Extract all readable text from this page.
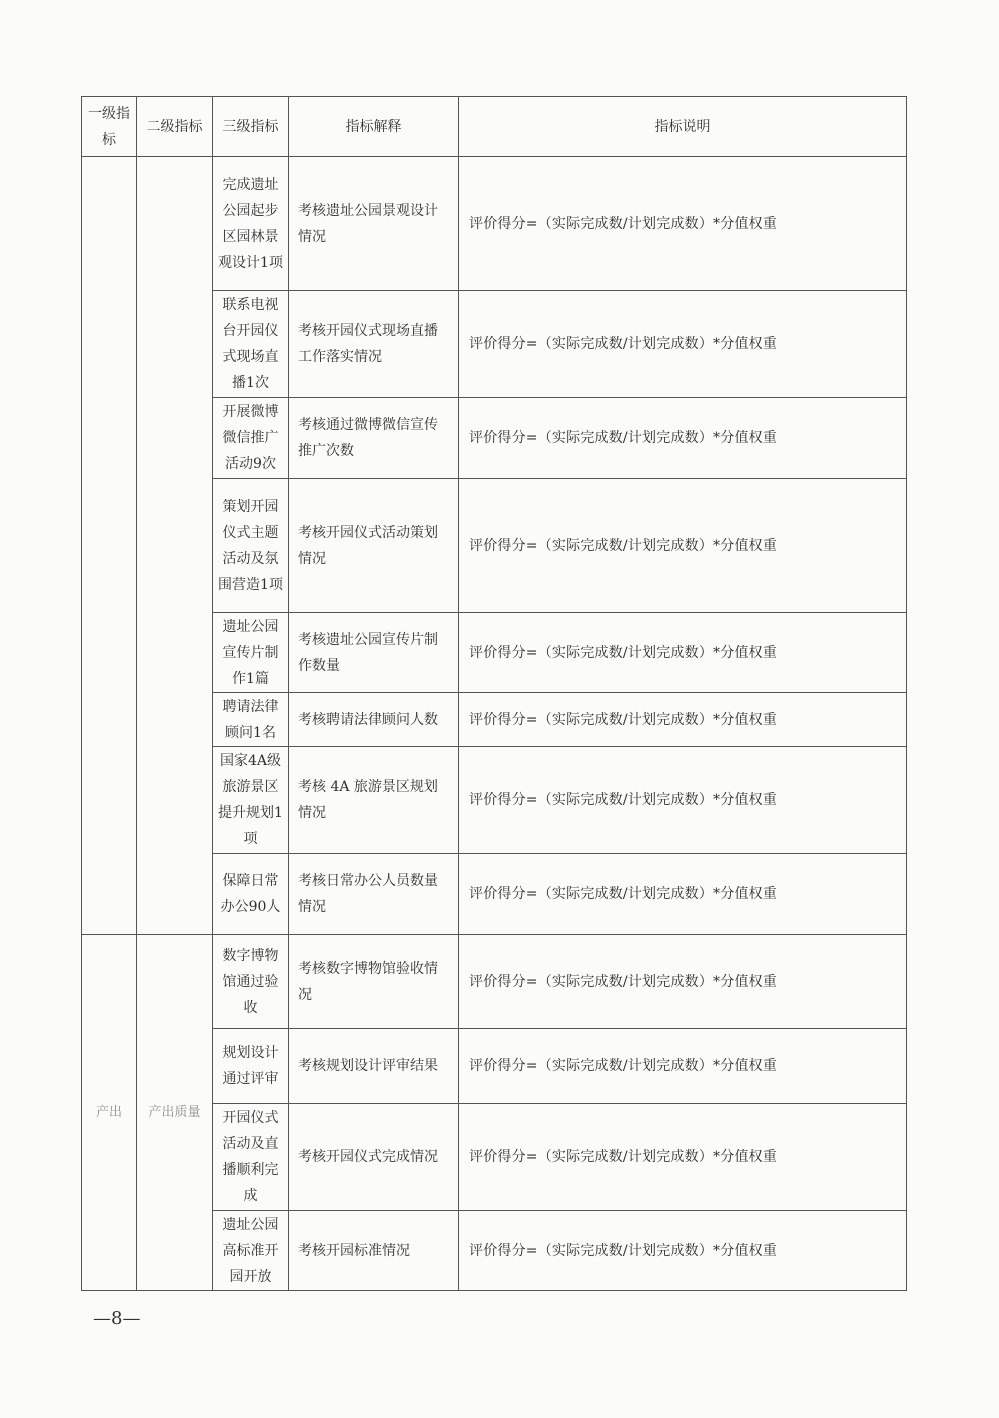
一级指标	二级指标	三级指标	指标解释	指标说明
		完成遗址公园起步区园林景观设计1项	考核遗址公园景观设计情况	评价得分=（实际完成数/计划完成数）*分值权重
		联系电视台开园仪式现场直播1次	考核开园仪式现场直播工作落实情况	评价得分=（实际完成数/计划完成数）*分值权重
		开展微博微信推广活动9次	考核通过微博微信宣传推广次数	评价得分=（实际完成数/计划完成数）*分值权重
		策划开园仪式主题活动及氛围营造1项	考核开园仪式活动策划情况	评价得分=（实际完成数/计划完成数）*分值权重
		遗址公园宣传片制作1篇	考核遗址公园宣传片制作数量	评价得分=（实际完成数/计划完成数）*分值权重
		聘请法律顾问1名	考核聘请法律顾问人数	评价得分=（实际完成数/计划完成数）*分值权重
		国家4A级旅游景区提升规划1项	考核 4A 旅游景区规划情况	评价得分=（实际完成数/计划完成数）*分值权重
		保障日常办公90人	考核日常办公人员数量情况	评价得分=（实际完成数/计划完成数）*分值权重
产出	产出质量	数字博物馆通过验收	考核数字博物馆验收情况	评价得分=（实际完成数/计划完成数）*分值权重
		规划设计通过评审	考核规划设计评审结果	评价得分=（实际完成数/计划完成数）*分值权重
		开园仪式活动及直播顺利完成	考核开园仪式完成情况	评价得分=（实际完成数/计划完成数）*分值权重
		遗址公园高标准开园开放	考核开园标准情况	评价得分=（实际完成数/计划完成数）*分值权重
—8—
